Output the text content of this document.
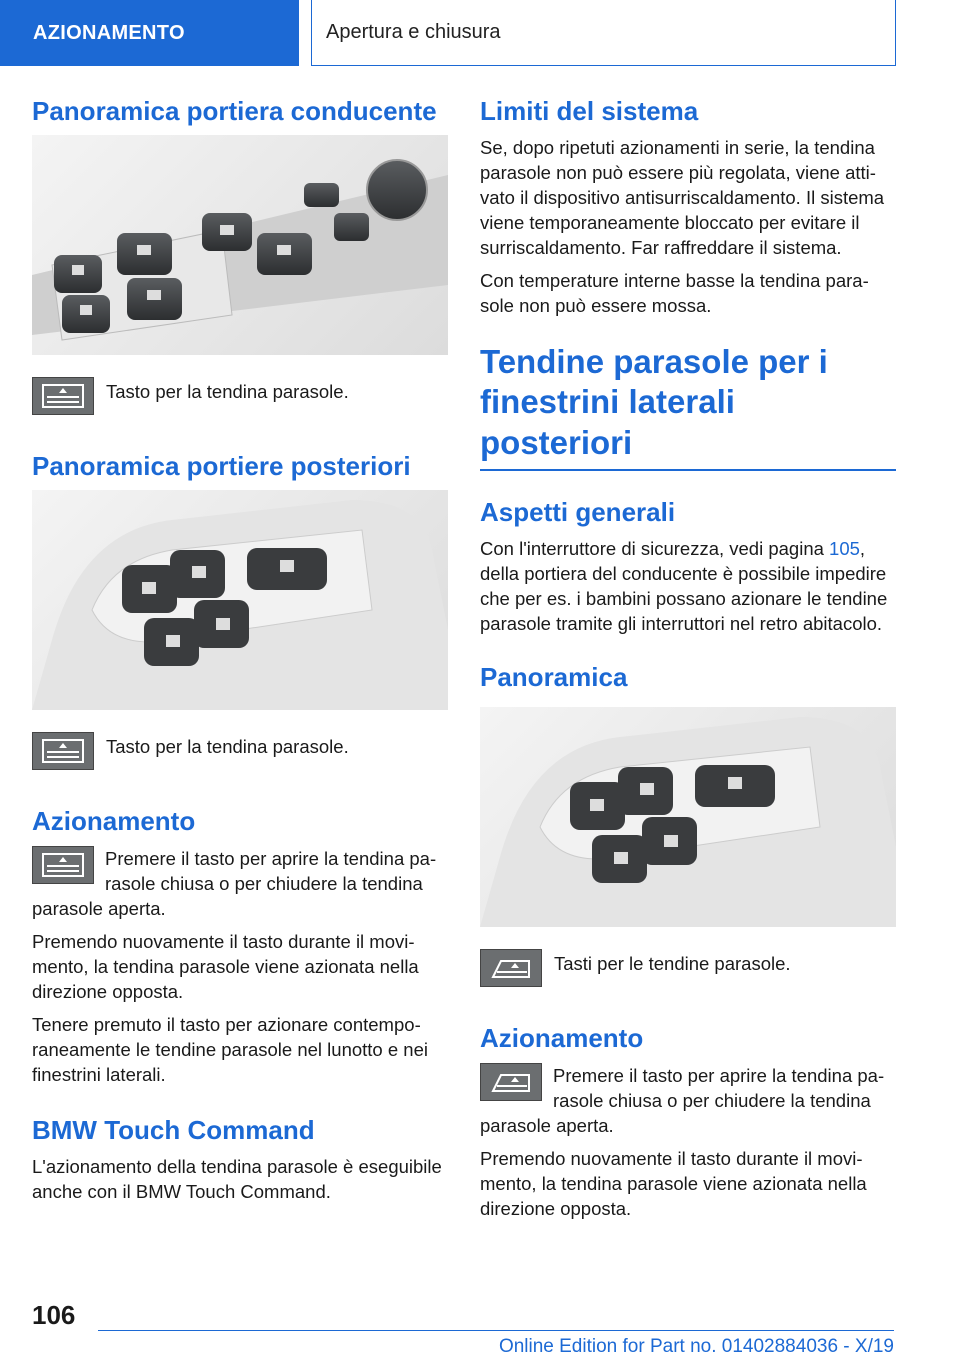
AZIONAMENTO	Apertura e chiusura
Panoramica portiera conducente

Tasto per la tendina parasole.

Panoramica portiere posteriori

Tasto per la tendina parasole.

Azionamento

Premere il tasto per aprire la tendina parasole chiusa o per chiudere la tendina parasole aperta.

Premendo nuovamente il tasto durante il movimento, la tendina parasole viene azionata nella direzione opposta.

Tenere premuto il tasto per azionare contemporaneamente le tendine parasole nel lunotto e nei finestrini laterali.

BMW Touch Command

L'azionamento della tendina parasole è eseguibile anche con il BMW Touch Command.

Limiti del sistema

Se, dopo ripetuti azionamenti in serie, la tendina parasole non può essere più regolata, viene attivato il dispositivo antisurriscaldamento. Il sistema viene temporaneamente bloccato per evitare il surriscaldamento. Far raffreddare il sistema.

Con temperature interne basse la tendina parasole non può essere mossa.

Tendine parasole per i finestrini laterali posteriori
Aspetti generali

Con l'interruttore di sicurezza, vedi pagina 105, della portiera del conducente è possibile impedire che per es. i bambini possano azionare le tendine parasole tramite gli interruttori nel retro abitacolo.

Panoramica

Tasti per le tendine parasole.

Azionamento

Premere il tasto per aprire la tendina parasole chiusa o per chiudere la tendina parasole aperta.

Premendo nuovamente il tasto durante il movimento, la tendina parasole viene azionata nella direzione opposta.

106
Online Edition for Part no. 01402884036 - X/19
